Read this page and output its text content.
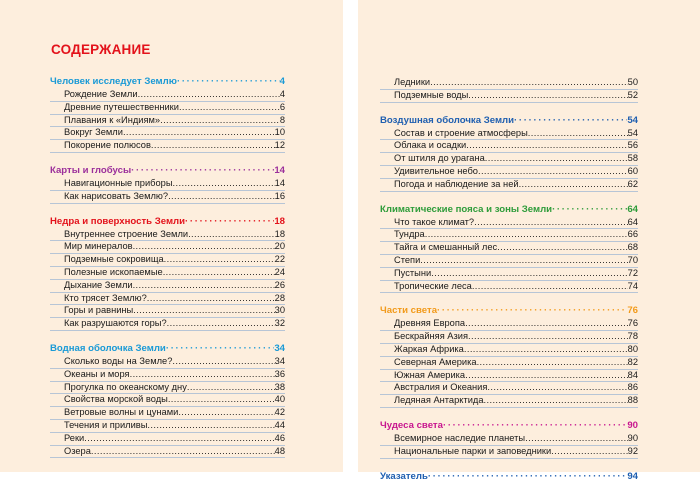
СОДЕРЖАНИЕ
Человек исследует Землю · · ·	4
Рождение Земли .....	4
Древние путешественники .....	6
Плавания к «Индиям» .....	8
Вокруг Земли .....	10
Покорение полюсов .....	12
Карты и глобусы · · ·	14
Навигационные приборы .....	14
Как нарисовать Землю? .....	16
Недра и поверхность Земли · · ·	18
Внутреннее строение Земли .....	18
Мир минералов .....	20
Подземные сокровища .....	22
Полезные ископаемые .....	24
Дыхание Земли .....	26
Кто трясет Землю? .....	28
Горы и равнины .....	30
Как разрушаются горы? .....	32
Водная оболочка Земли · · ·	34
Сколько воды на Земле? .....	34
Океаны и моря .....	36
Прогулка по океанскому дну .....	38
Свойства морской воды .....	40
Ветровые волны и цунами .....	42
Течения и приливы .....	44
Реки .....	46
Озера .....	48
Ледники .....	50
Подземные воды .....	52
Воздушная оболочка Земли · · ·	54
Состав и строение атмосферы .....	54
Облака и осадки .....	56
От штиля до урагана .....	58
Удивительное небо .....	60
Погода и наблюдение за ней .....	62
Климатические пояса и зоны Земли · · ·	64
Что такое климат? .....	64
Тундра .....	66
Тайга и смешанный лес .....	68
Степи .....	70
Пустыни .....	72
Тропические леса .....	74
Части света · · ·	76
Древняя Европа .....	76
Бескрайняя Азия .....	78
Жаркая Африка .....	80
Северная Америка .....	82
Южная Америка .....	84
Австралия и Океания .....	86
Ледяная Антарктида .....	88
Чудеса света · · ·	90
Всемирное наследие планеты .....	90
Национальные парки и заповедники .....	92
Указатель · · ·	94
